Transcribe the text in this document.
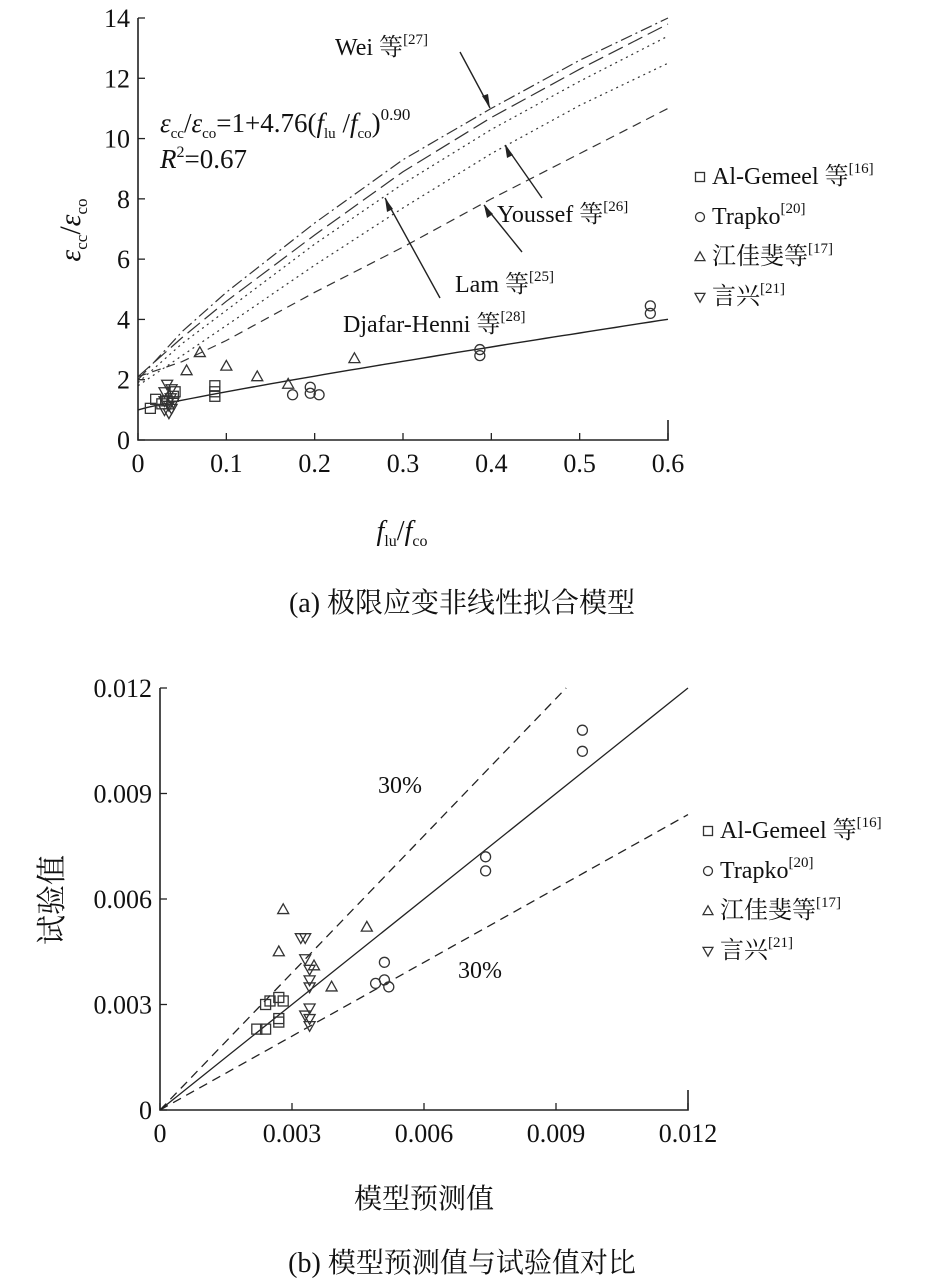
0	0.1 0.2 0.3 0.4 0.5 0.6
0
2
4
6
8
10
12
14
$\varepsilon_{cc}/\varepsilon_{co}$
$f_{lu}/f_{co}$
$\varepsilon_{cc}/\varepsilon_{co}=1+4.76(f_{lu}$ $/f_{co})^{0.90}$
$R^2=0.67$
Wei 等[27]
Youssef 等[26]
Lam 等[25]
Djafar-Henni 等[28]
Al-Gemeel 等[16]
Trapko[20]
江佳斐等[17]
言兴[21]
(a) 极限应变非线性拟合模型
0	0.003	0.006	0.009	0.012
0
0.003
0.006
0.009
0.012
试验值
模型预测值
30%
30%
Al-Gemeel 等[16]
Trapko[20]
江佳斐等[17]
言兴[21]
(b) 模型预测值与试验值对比
